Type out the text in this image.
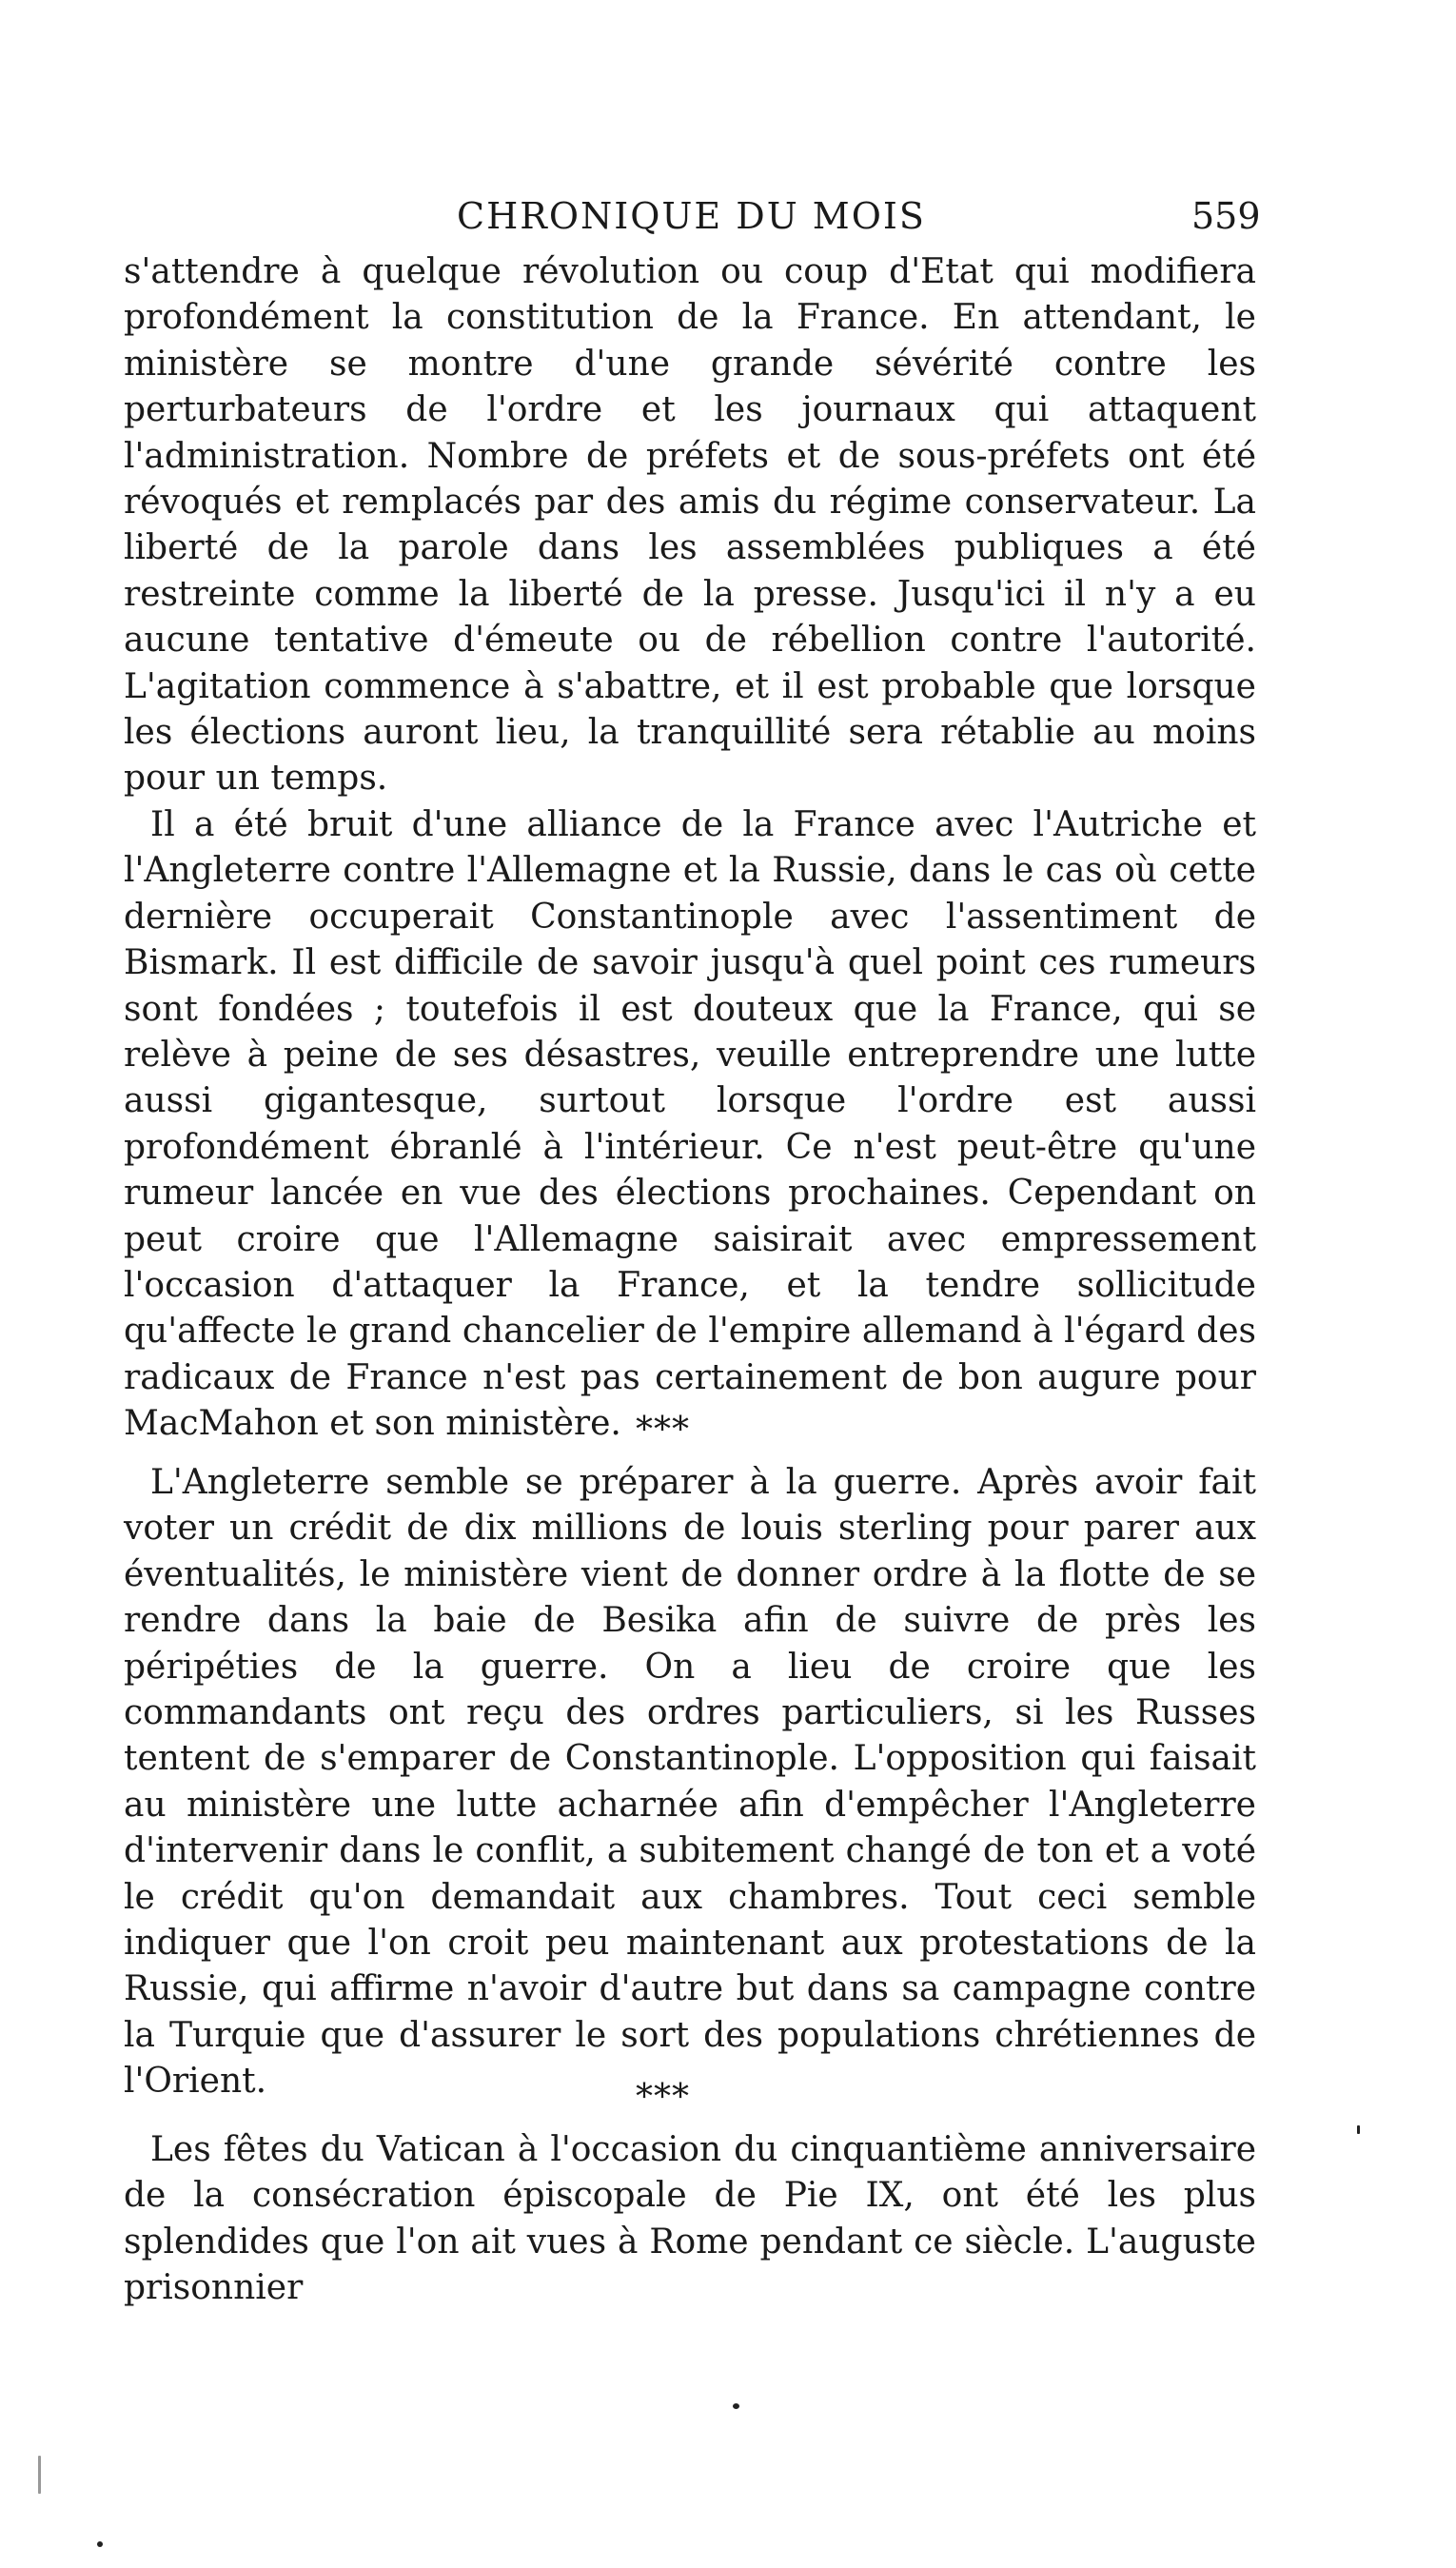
CHRONIQUE DU MOIS	559

s'attendre à quelque révolution ou coup d'Etat qui modifiera profondément la constitution de la France. En attendant, le ministère se montre d'une grande sévérité contre les perturbateurs de l'ordre et les journaux qui attaquent l'administration. Nombre de préfets et de sous-préfets ont été révoqués et remplacés par des amis du régime conservateur. La liberté de la parole dans les assemblées publiques a été restreinte comme la liberté de la presse. Jusqu'ici il n'y a eu aucune tentative d'émeute ou de rébellion contre l'autorité. L'agitation commence à s'abattre, et il est probable que lorsque les élections auront lieu, la tranquillité sera rétablie au moins pour un temps.

Il a été bruit d'une alliance de la France avec l'Autriche et l'Angleterre contre l'Allemagne et la Russie, dans le cas où cette dernière occuperait Constantinople avec l'assentiment de Bismark. Il est difficile de savoir jusqu'à quel point ces rumeurs sont fondées ; toutefois il est douteux que la France, qui se relève à peine de ses désastres, veuille entreprendre une lutte aussi gigantesque, surtout lorsque l'ordre est aussi profondément ébranlé à l'intérieur. Ce n'est peut-être qu'une rumeur lancée en vue des élections prochaines. Cependant on peut croire que l'Allemagne saisirait avec empressement l'occasion d'attaquer la France, et la tendre sollicitude qu'affecte le grand chancelier de l'empire allemand à l'égard des radicaux de France n'est pas certainement de bon augure pour MacMahon et son ministère. ***

L'Angleterre semble se préparer à la guerre. Après avoir fait voter un crédit de dix millions de louis sterling pour parer aux éventualités, le ministère vient de donner ordre à la flotte de se rendre dans la baie de Besika afin de suivre de près les péripéties de la guerre. On a lieu de croire que les commandants ont reçu des ordres particuliers, si les Russes tentent de s'emparer de Constantinople. L'opposition qui faisait au ministère une lutte acharnée afin d'empêcher l'Angleterre d'intervenir dans le conflit, a subitement changé de ton et a voté le crédit qu'on demandait aux chambres. Tout ceci semble indiquer que l'on croit peu maintenant aux protestations de la Russie, qui affirme n'avoir d'autre but dans sa campagne contre la Turquie que d'assurer le sort des populations chrétiennes de l'Orient.	***

Les fêtes du Vatican à l'occasion du cinquantième anniversaire de la consécration épiscopale de Pie IX, ont été les plus splendides que l'on ait vues à Rome pendant ce siècle. L'auguste prisonnier
